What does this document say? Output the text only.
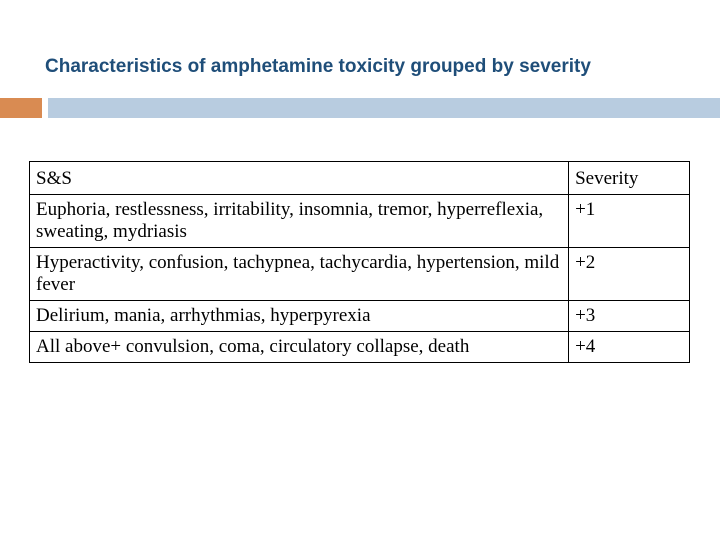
Characteristics of amphetamine toxicity grouped by severity
S&S	Severity
Euphoria, restlessness, irritability, insomnia, tremor, hyperreflexia, sweating, mydriasis	+1
Hyperactivity, confusion, tachypnea, tachycardia, hypertension, mild fever	+2
Delirium, mania, arrhythmias, hyperpyrexia	+3
All above+ convulsion, coma, circulatory collapse, death	+4
